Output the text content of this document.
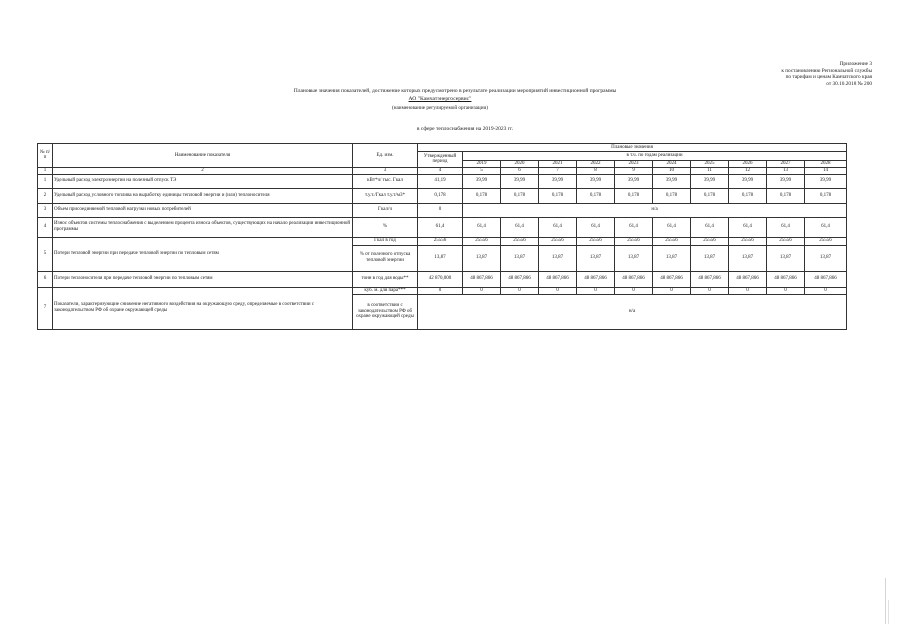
Приложение 3
к постановлению Региональной службы
по тарифам и ценам Камчатского края
от 30.10.2018 № 200
Плановые значения показателей, достижение которых предусмотрено в результате реализации мероприятий инвестиционной программы
АО "Камчатэнергосервис"
(наименование регулируемой организации)
в сфере теплоснабжения на 2019-2023 гг.
№ п/п	Наименование показателя	Ед. изм.	Плановые значения										
			Утвержденный период	в т.ч. по годам реализации									
				2019	2020	2021	2022	2023	2024	2025	2026	2027	2028
1	2	3	4	5	6	7	8	9	10	11	12	13	14
1	Удельный расход электроэнергии на полезный отпуск ТЭ	кВт*ч/ тыс. Гкал	41,19	39,99	39,99	39,99	39,99	39,99	39,99	39,99	39,99	39,99	39,99
2	Удельный расход условного топлива на выработку единицы тепловой энергии и (или) теплоносителя	т.у.т./Гкал т.у.т/м3*	0,178	0,178	0,178	0,178	0,178	0,178	0,178	0,178	0,178	0,178	0,178
3	Объем присоединяемой тепловой нагрузки новых потребителей	Гкал/ч	0	н/а									
4	Износ объектов системы теплоснабжения с выделением процента износа объектов, существующих на начало реализации инвестиционной программы	%	61,4	61,4	61,4	61,4	61,4	61,4	61,4	61,4	61,4	61,4	61,4
5	Потери тепловой энергии при передаче тепловой энергии по тепловым сетям	Гкал в год	25556	25556	25556	25556	25556	25556	25556	25556	25556	25556	25556
		% от полезного отпуска тепловой энергии	13,87	13,87	13,87	13,87	13,87	13,87	13,87	13,87	13,87	13,87	13,87
6	Потери теплоносителя при передаче тепловой энергии по тепловым сетям	тонн в год для воды**	42 870,000	48 867,866	48 867,866	48 867,866	48 867,866	48 867,866	48 867,866	48 867,866	48 867,866	48 867,866	48 867,866
7	Показатели, характеризующие снижение негативного воздействия на окружающую среду, определяемые в соответствии с законодательством РФ об охране окружающей среды	куб. м. для пара***	0	0	0	0	0	0	0	0	0	0	0
		в соответствии с законодательством РФ об охране окружающей среды	н/а										
